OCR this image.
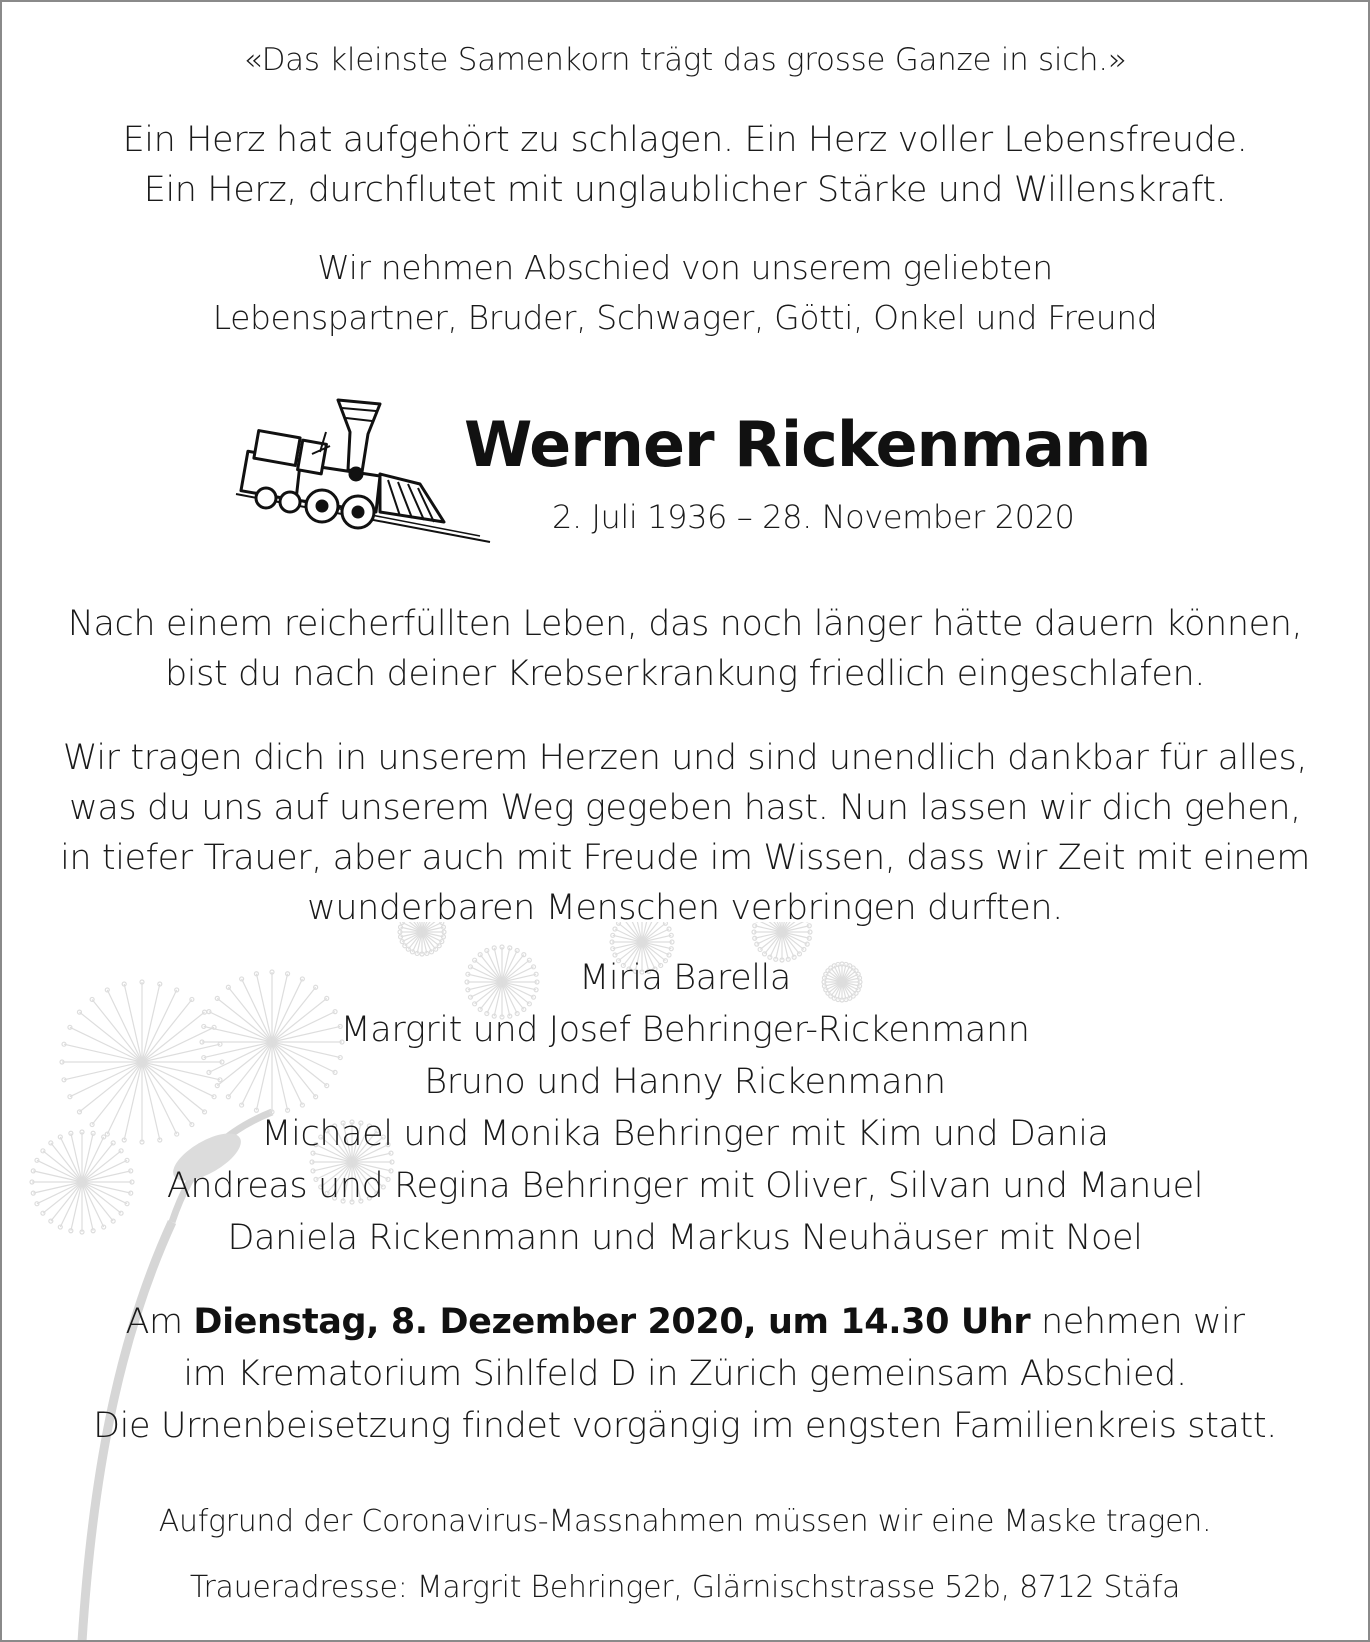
«Das kleinste Samenkorn trägt das grosse Ganze in sich.»
Ein Herz hat aufgehört zu schlagen. Ein Herz voller Lebensfreude.
Ein Herz, durchflutet mit unglaublicher Stärke und Willenskraft.
Wir nehmen Abschied von unserem geliebten
Lebenspartner, Bruder, Schwager, Götti, Onkel und Freund
Werner Rickenmann
2. Juli 1936 – 28. November 2020
Nach einem reicherfüllten Leben, das noch länger hätte dauern können,
bist du nach deiner Krebserkrankung friedlich eingeschlafen.
Wir tragen dich in unserem Herzen und sind unendlich dankbar für alles,
was du uns auf unserem Weg gegeben hast. Nun lassen wir dich gehen,
in tiefer Trauer, aber auch mit Freude im Wissen, dass wir Zeit mit einem
wunderbaren Menschen verbringen durften.
Miria Barella
Margrit und Josef Behringer-Rickenmann
Bruno und Hanny Rickenmann
Michael und Monika Behringer mit Kim und Dania
Andreas und Regina Behringer mit Oliver, Silvan und Manuel
Daniela Rickenmann und Markus Neuhäuser mit Noel
Am Dienstag, 8. Dezember 2020, um 14.30 Uhr nehmen wir
im Krematorium Sihlfeld D in Zürich gemeinsam Abschied.
Die Urnenbeisetzung findet vorgängig im engsten Familienkreis statt.
Aufgrund der Coronavirus-Massnahmen müssen wir eine Maske tragen.
Traueradresse: Margrit Behringer, Glärnischstrasse 52b, 8712 Stäfa
